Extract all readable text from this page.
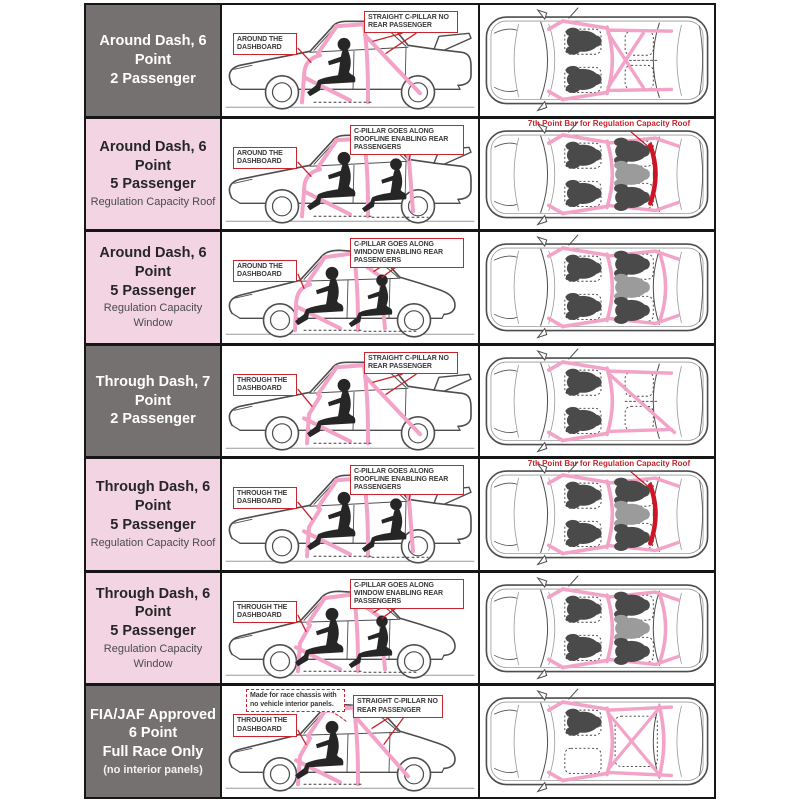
Around Dash, 6 Point
2 Passenger
AROUND THE DASHBOARD
STRAIGHT C-PILLAR NO REAR PASSENGER
Around Dash, 6 Point
5 Passenger
Regulation Capacity Roof
AROUND THE DASHBOARD
C-PILLAR GOES ALONG ROOFLINE ENABLING REAR PASSENGERS
7th Point Bar for Regulation Capacity Roof
Around Dash, 6 Point
5 Passenger
Regulation Capacity Window
AROUND THE DASHBOARD
C-PILLAR GOES ALONG WINDOW ENABLING REAR PASSENGERS
Through Dash, 7 Point
2 Passenger
THROUGH THE DASHBOARD
STRAIGHT C-PILLAR NO REAR PASSENGER
Through Dash, 6 Point
5 Passenger
Regulation Capacity Roof
THROUGH THE DASHBOARD
C-PILLAR GOES ALONG ROOFLINE ENABLING REAR PASSENGERS
7th Point Bar for Regulation Capacity Roof
Through Dash, 6 Point
5 Passenger
Regulation Capacity Window
THROUGH THE DASHBOARD
C-PILLAR GOES ALONG WINDOW ENABLING REAR PASSENGERS
FIA/JAF Approved
6 Point
Full Race Only
(no interior panels)
Made for race chassis with no vehicle interior panels.
THROUGH THE DASHBOARD
STRAIGHT C-PILLAR NO REAR PASSENGER
